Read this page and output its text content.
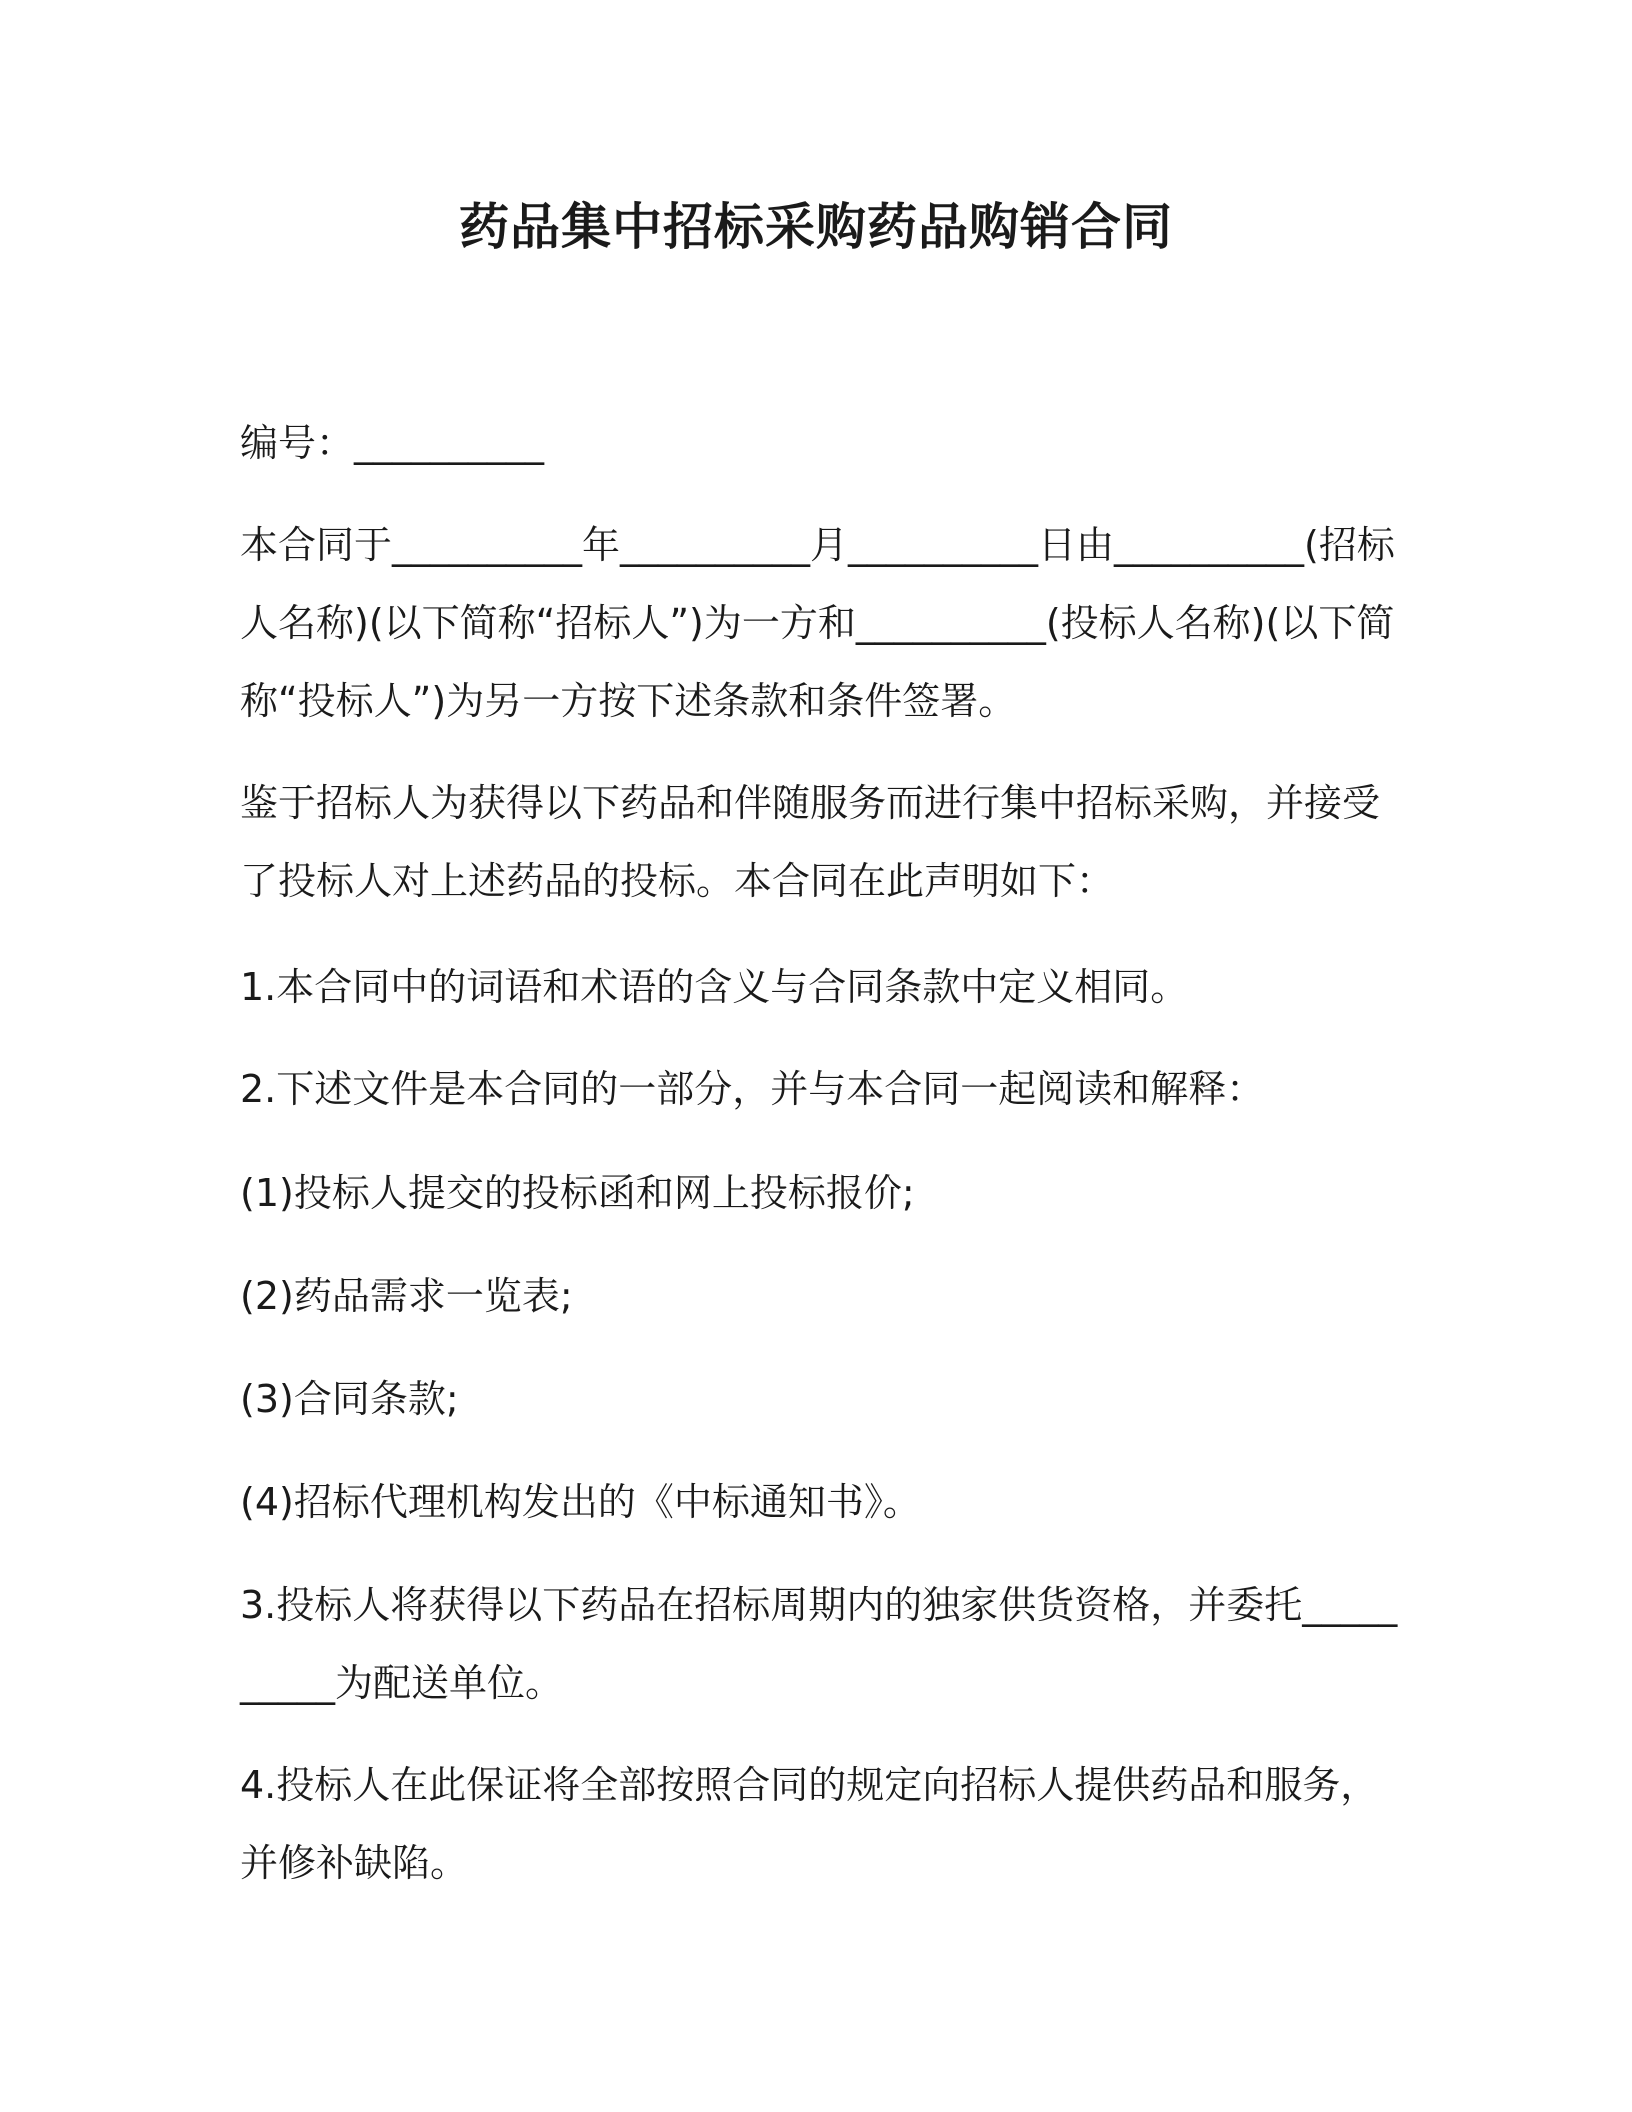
药品集中招标采购药品购销合同

编号：__________

本合同于__________年__________月__________日由__________(招标人名称)(以下简称“招标人”)为一方和__________(投标人名称)(以下简称“投标人”)为另一方按下述条款和条件签署。

鉴于招标人为获得以下药品和伴随服务而进行集中招标采购，并接受了投标人对上述药品的投标。本合同在此声明如下：

1.本合同中的词语和术语的含义与合同条款中定义相同。

2.下述文件是本合同的一部分，并与本合同一起阅读和解释：

(1)投标人提交的投标函和网上投标报价;

(2)药品需求一览表;

(3)合同条款;

(4)招标代理机构发出的《中标通知书》。

3.投标人将获得以下药品在招标周期内的独家供货资格，并委托__________为配送单位。

4.投标人在此保证将全部按照合同的规定向招标人提供药品和服务，并修补缺陷。
